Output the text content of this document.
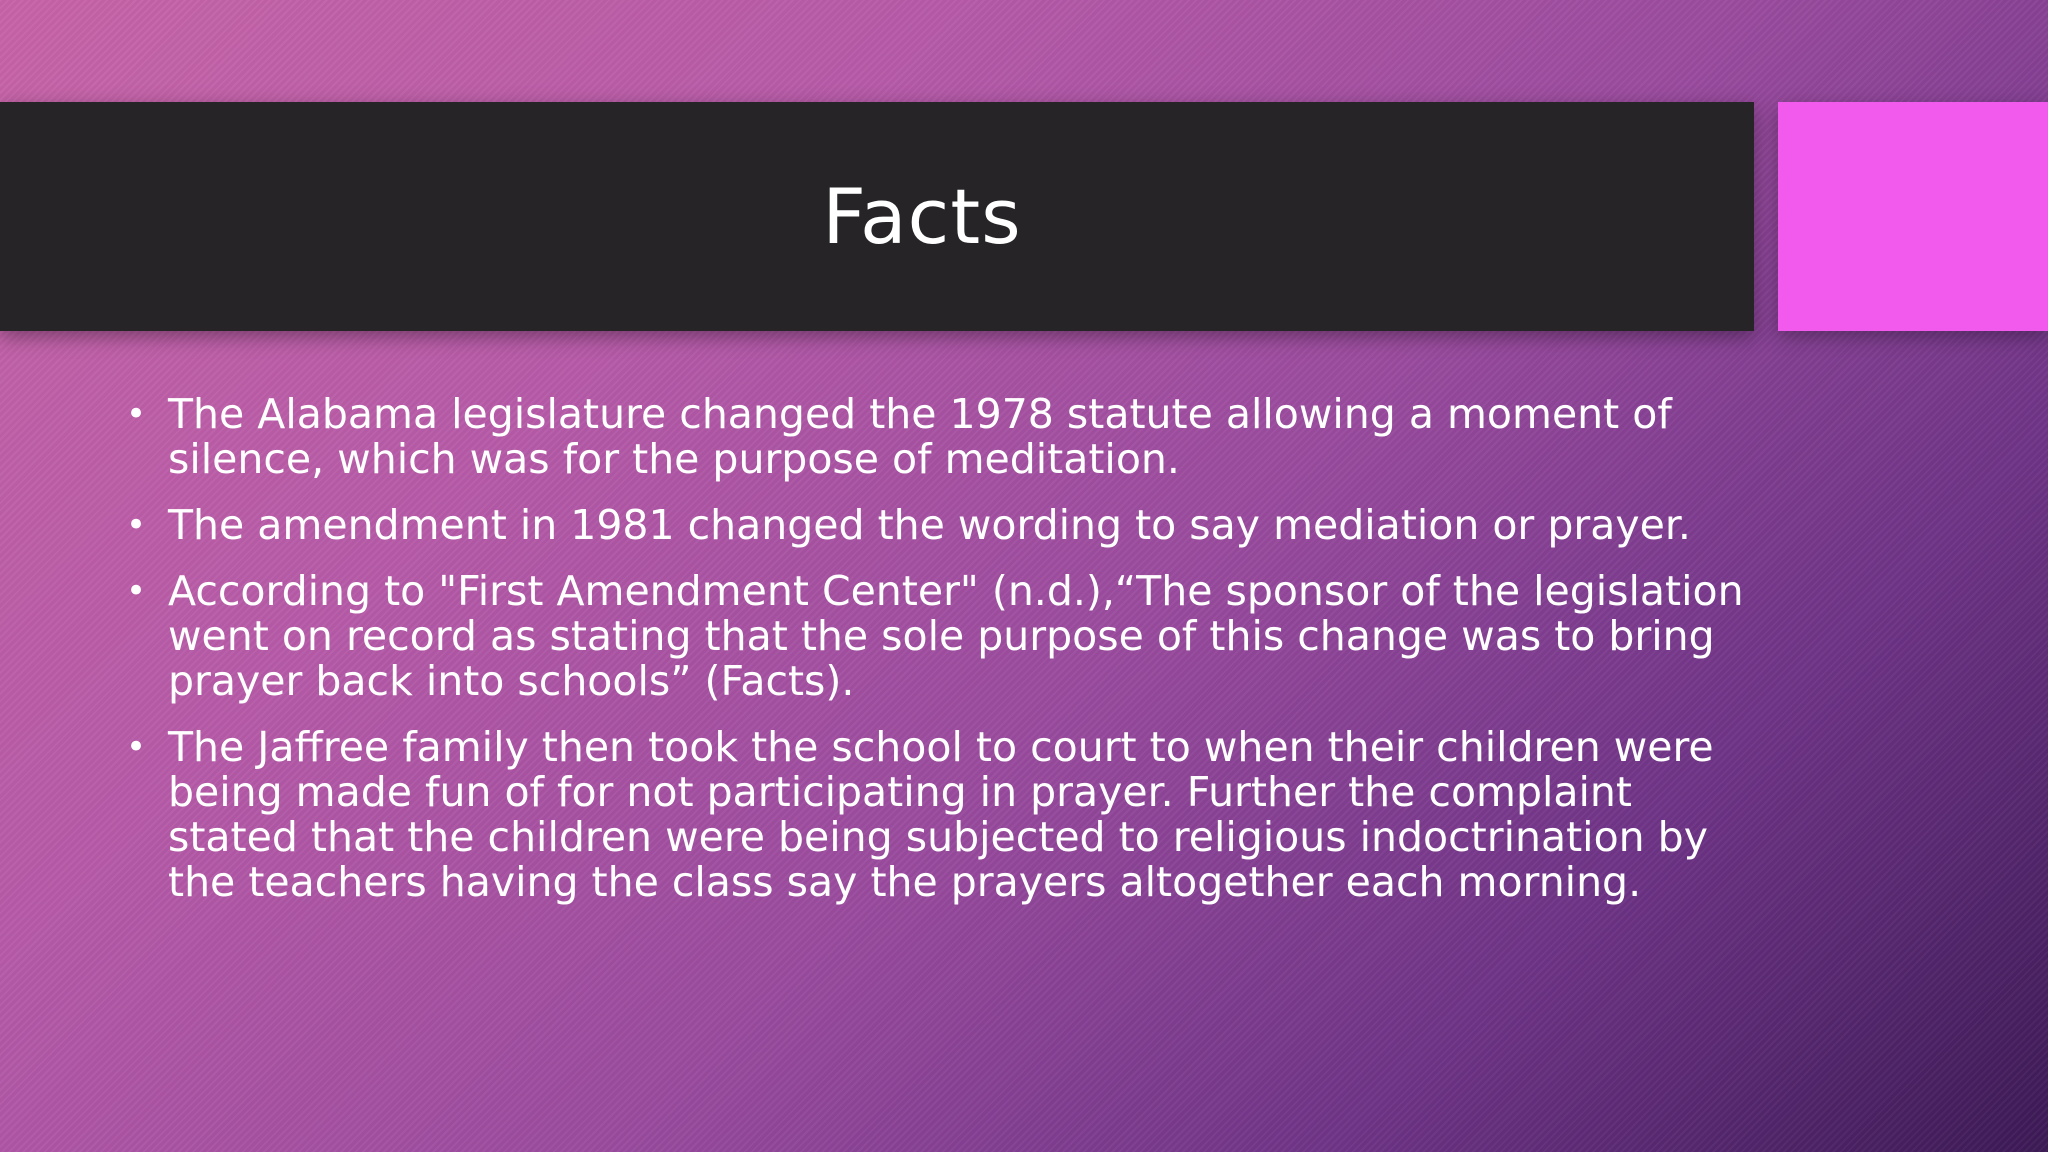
Facts
• The Alabama legislature changed the 1978 statute allowing a moment of silence, which was for the purpose of meditation.
• The amendment in 1981 changed the wording to say mediation or prayer.
• According to "First Amendment Center" (n.d.),“The sponsor of the legislation went on record as stating that the sole purpose of this change was to bring prayer back into schools” (Facts).
• The Jaffree family then took the school to court to when their children were being made fun of for not participating in prayer. Further the complaint stated that the children were being subjected to religious indoctrination by the teachers having the class say the prayers altogether each morning.
